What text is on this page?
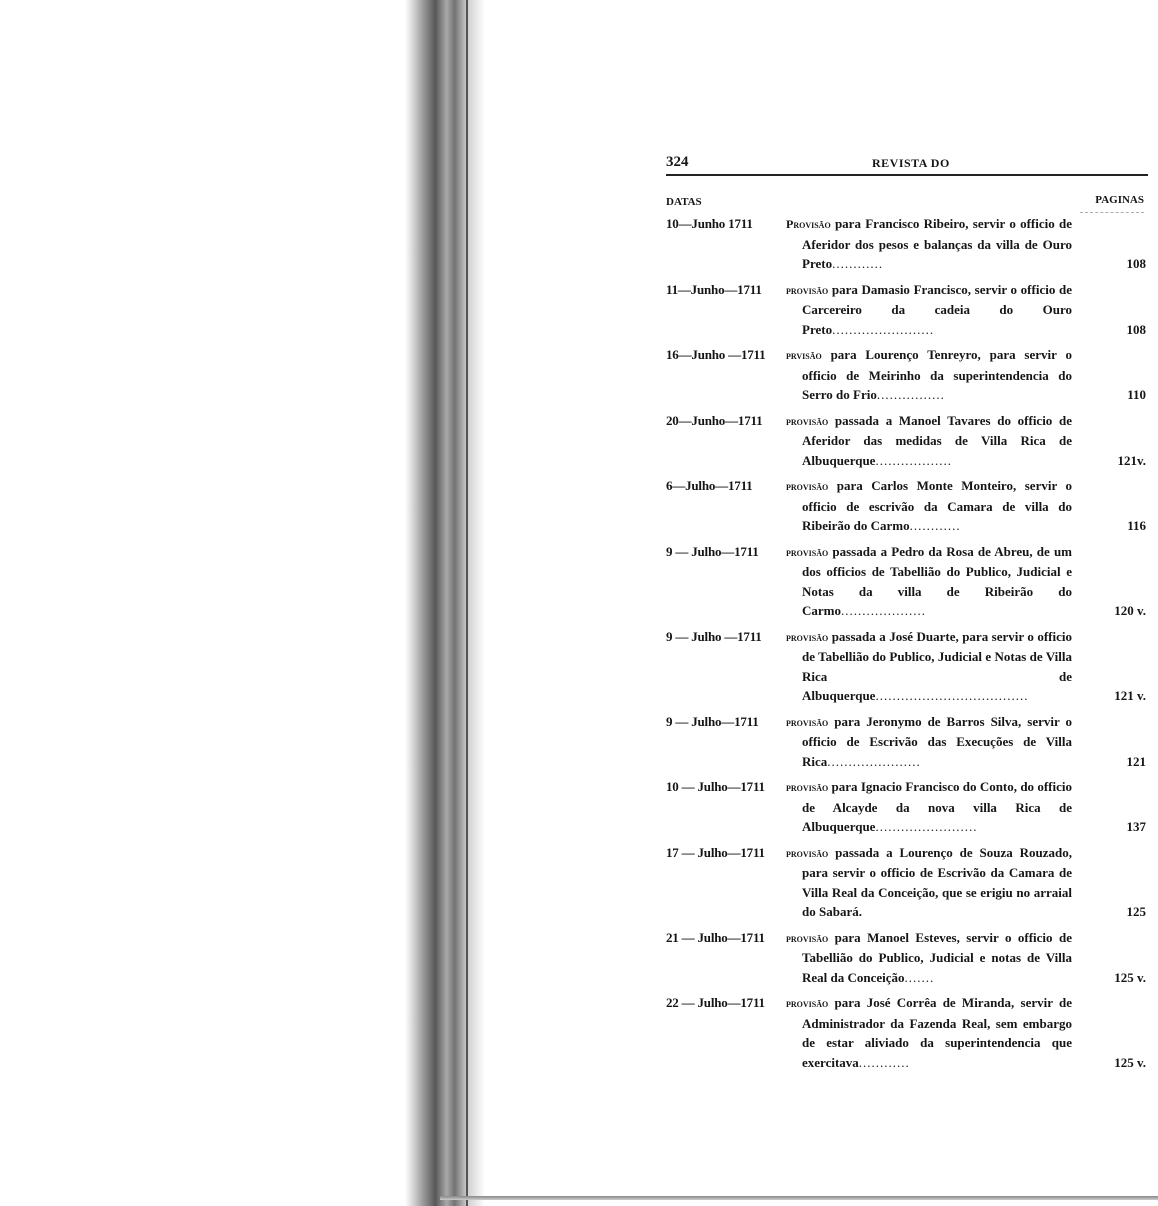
324	REVISTA DO
DATAS	PAGINAS
10—Junho 1711	Provisão para Francisco Ribeiro, servir o officio de Aferidor dos pesos e balanças da villa de Ouro Preto............	108
11—Junho—1711	provisão para Damasio Francisco, servir o officio de Carcereiro da cadeia do Ouro Preto........................	108
16—Junho —1711	prvisão para Lourenço Tenreyro, para servir o officio de Meirinho da superintendencia do Serro do Frio................	110
20—Junho—1711	provisão passada a Manoel Tavares do officio de Aferidor das medidas de Villa Rica de Albuquerque..................	121v.
6—Julho—1711	provisão para Carlos Monte Monteiro, servir o officio de escrivão da Camara de villa do Ribeirão do Carmo............	116
9 — Julho—1711	provisão passada a Pedro da Rosa de Abreu, de um dos officios de Tabellião do Publico, Judicial e Notas da villa de Ribeirão do Carmo....................	120 v.
9 — Julho —1711	provisão passada a José Duarte, para servir o officio de Tabellião do Publico, Judicial e Notas de Villa Rica de Albuquerque....................................	121 v.
9 — Julho—1711	provisão para Jeronymo de Barros Silva, servir o officio de Escrivão das Execuções de Villa Rica......................	121
10 — Julho—1711	provisão para Ignacio Francisco do Conto, do officio de Alcayde da nova villa Rica de Albuquerque........................	137
17 — Julho—1711	provisão passada a Lourenço de Souza Rouzado, para servir o officio de Escrivão da Camara de Villa Real da Conceição, que se erigiu no arraial do Sabará.	125
21 — Julho—1711	provisão para Manoel Esteves, servir o officio de Tabellião do Publico, Judicial e notas de Villa Real da Conceição.......	125 v.
22 — Julho—1711	provisão para José Corrêa de Miranda, servir de Administrador da Fazenda Real, sem embargo de estar aliviado da superintendencia que exercitava............	125 v.
